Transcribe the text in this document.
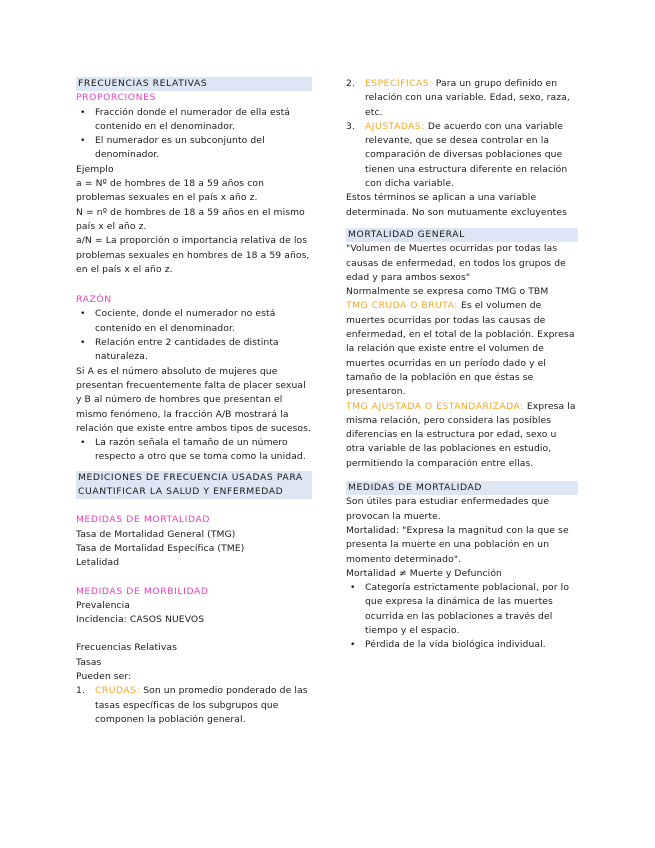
FRECUENCIAS RELATIVAS

PROPORCIONES

• Fracción donde el numerador de ella está contenido en el denominador.
• El numerador es un subconjunto del denominador.

Ejemplo

a = Nº de hombres de 18 a 59 años con problemas sexuales en el país x año z.

N = nº de hombres de 18 a 59 años en el mismo país x el año z.

a/N = La proporción o importancia relativa de los problemas sexuales en hombres de 18 a 59 años, en el país x el año z.

RAZÓN

• Cociente, donde el numerador no está contenido en el denominador.
• Relación entre 2 cantidades de distinta naturaleza.

Si A es el número absoluto de mujeres que presentan frecuentemente falta de placer sexual y B al número de hombres que presentan el mismo fenómeno, la fracción A/B mostrará la relación que existe entre ambos tipos de sucesos.

• La razón señala el tamaño de un número respecto a otro que se toma como la unidad.

MEDICIONES DE FRECUENCIA USADAS PARA CUANTIFICAR LA SALUD Y ENFERMEDAD

MEDIDAS DE MORTALIDAD

Tasa de Mortalidad General (TMG)

Tasa de Mortalidad Específica (TME)

Letalidad

MEDIDAS DE MORBILIDAD

Prevalencia

Incidencia: CASOS NUEVOS

Frecuencias Relativas

Tasas

Pueden ser:

1. CRUDAS: Son un promedio ponderado de las tasas específicas de los subgrupos que componen la población general.
2. ESPECÍFICAS: Para un grupo definido en relación con una variable. Edad, sexo, raza, etc.
3. AJUSTADAS: De acuerdo con una variable relevante, que se desea controlar en la comparación de diversas poblaciones que tienen una estructura diferente en relación con dicha variable.

Estos términos se aplican a una variable

determinada. No son mutuamente excluyentes

MORTALIDAD GENERAL

"Volumen de Muertes ocurridas por todas las causas de enfermedad, en todos los grupos de edad y para ambos sexos"

Normalmente se expresa como TMG o TBM

TMG CRUDA O BRUTA: Es el volumen de muertes ocurridas por todas las causas de enfermedad, en el total de la población. Expresa la relación que existe entre el volumen de muertes ocurridas en un período dado y el tamaño de la población en que éstas se presentaron.

TMG AJUSTADA O ESTANDARIZADA: Expresa la misma relación, pero considera las posibles diferencias en la estructura por edad, sexo u otra variable de las poblaciones en estudio, permitiendo la comparación entre ellas.

MEDIDAS DE MORTALIDAD

Son útiles para estudiar enfermedades que provocan la muerte.

Mortalidad: "Expresa la magnitud con la que se presenta la muerte en una población en un momento determinado".

Mortalidad ≠ Muerte y Defunción

• Categoría estrictamente poblacional, por lo que expresa la dinámica de las muertes ocurrida en las poblaciones a través del tiempo y el espacio.
• Pérdida de la vida biológica individual.
